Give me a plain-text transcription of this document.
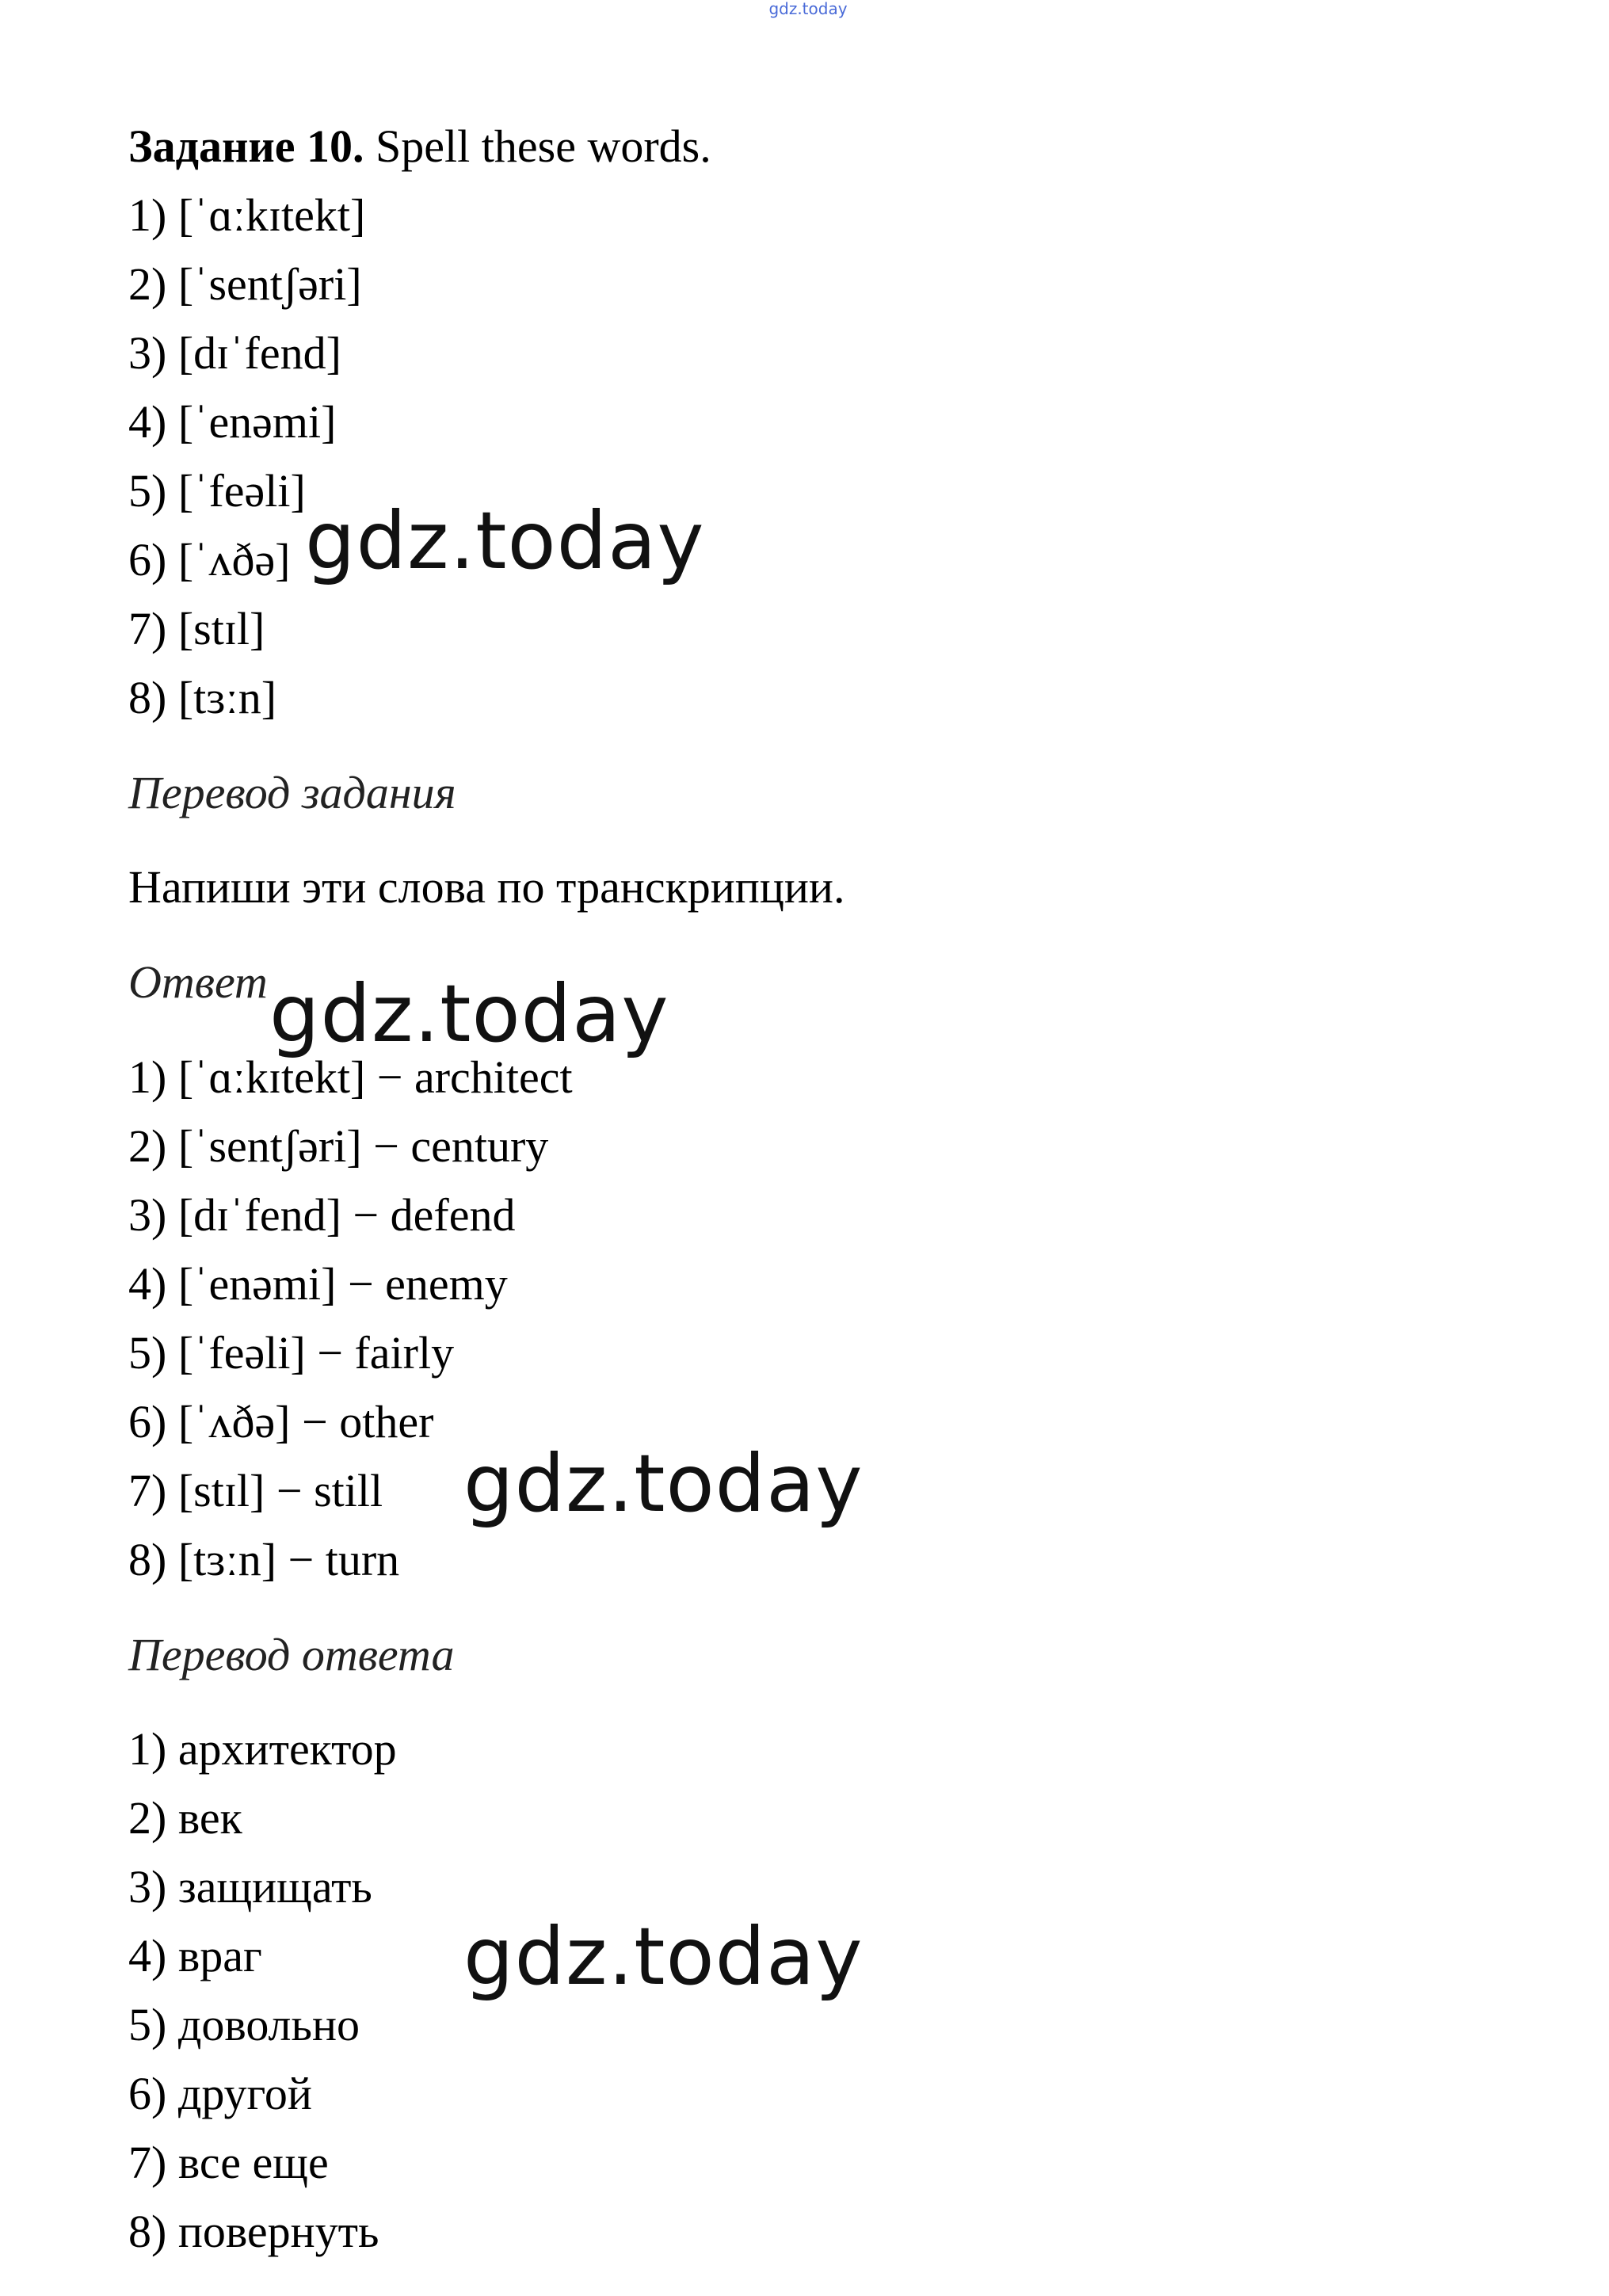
gdz.today
Задание 10. Spell these words.
1) [ˈɑːkɪtekt]
2) [ˈsentʃəri]
3) [dɪˈfend]
4) [ˈenəmi]
5) [ˈfeəli]
6) [ˈʌðə]
7) [stɪl]
8) [tɜːn]
Перевод задания
Напиши эти слова по транскрипции.
Ответ
1) [ˈɑːkɪtekt] − architect
2) [ˈsentʃəri] − century
3) [dɪˈfend] − defend
4) [ˈenəmi] − enemy
5) [ˈfeəli] − fairly
6) [ˈʌðə] − other
7) [stɪl] − still
8) [tɜːn] − turn
Перевод ответа
1) архитектор
2) век
3) защищать
4) враг
5) довольно
6) другой
7) все еще
8) повернуть
gdz.today
gdz.today
gdz.today
gdz.today
